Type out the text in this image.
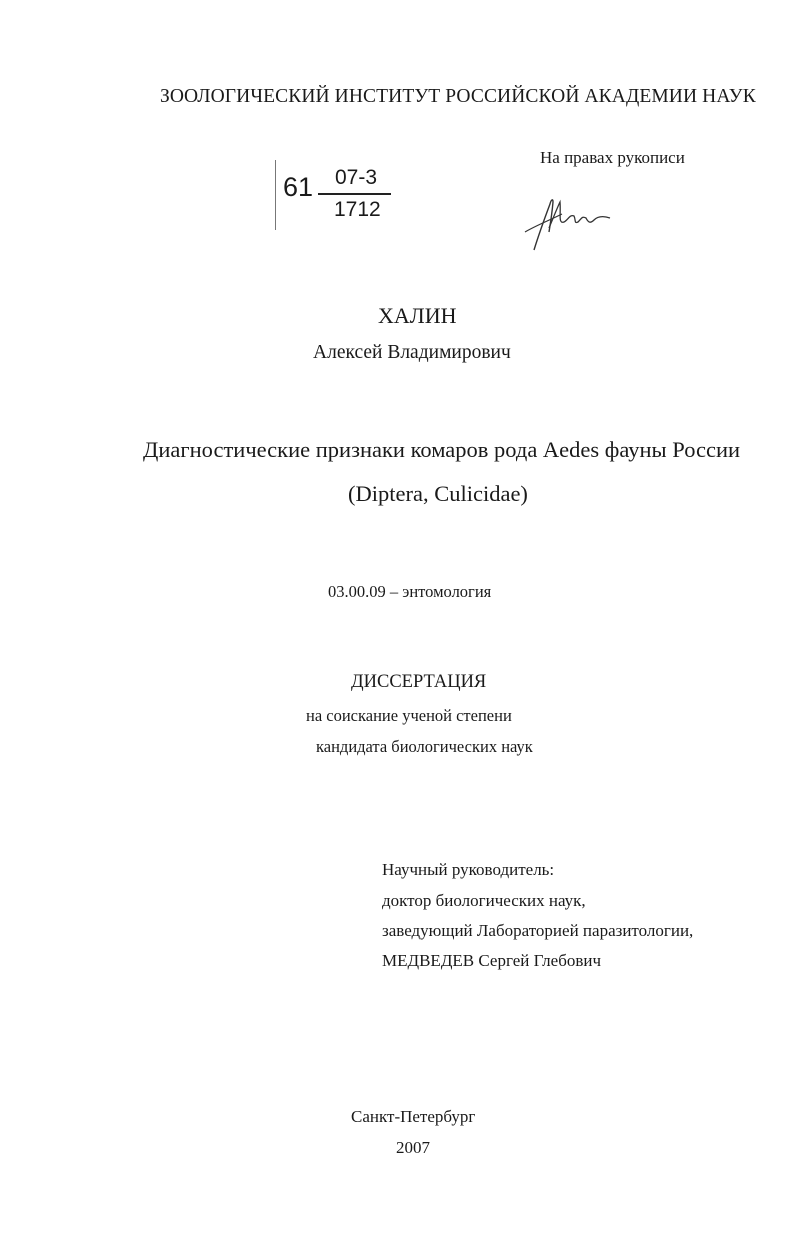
ЗООЛОГИЧЕСКИЙ ИНСТИТУТ РОССИЙСКОЙ АКАДЕМИИ НАУК
На правах рукописи
61 07-3
1712
ХАЛИН
Алексей Владимирович
Диагностические признаки комаров рода Aedes фауны России
(Diptera, Culicidae)
03.00.09 – энтомология
ДИССЕРТАЦИЯ
на соискание ученой степени
кандидата биологических наук
Научный руководитель:
доктор биологических наук,
заведующий Лабораторией паразитологии,
МЕДВЕДЕВ Сергей Глебович
Санкт-Петербург
2007
